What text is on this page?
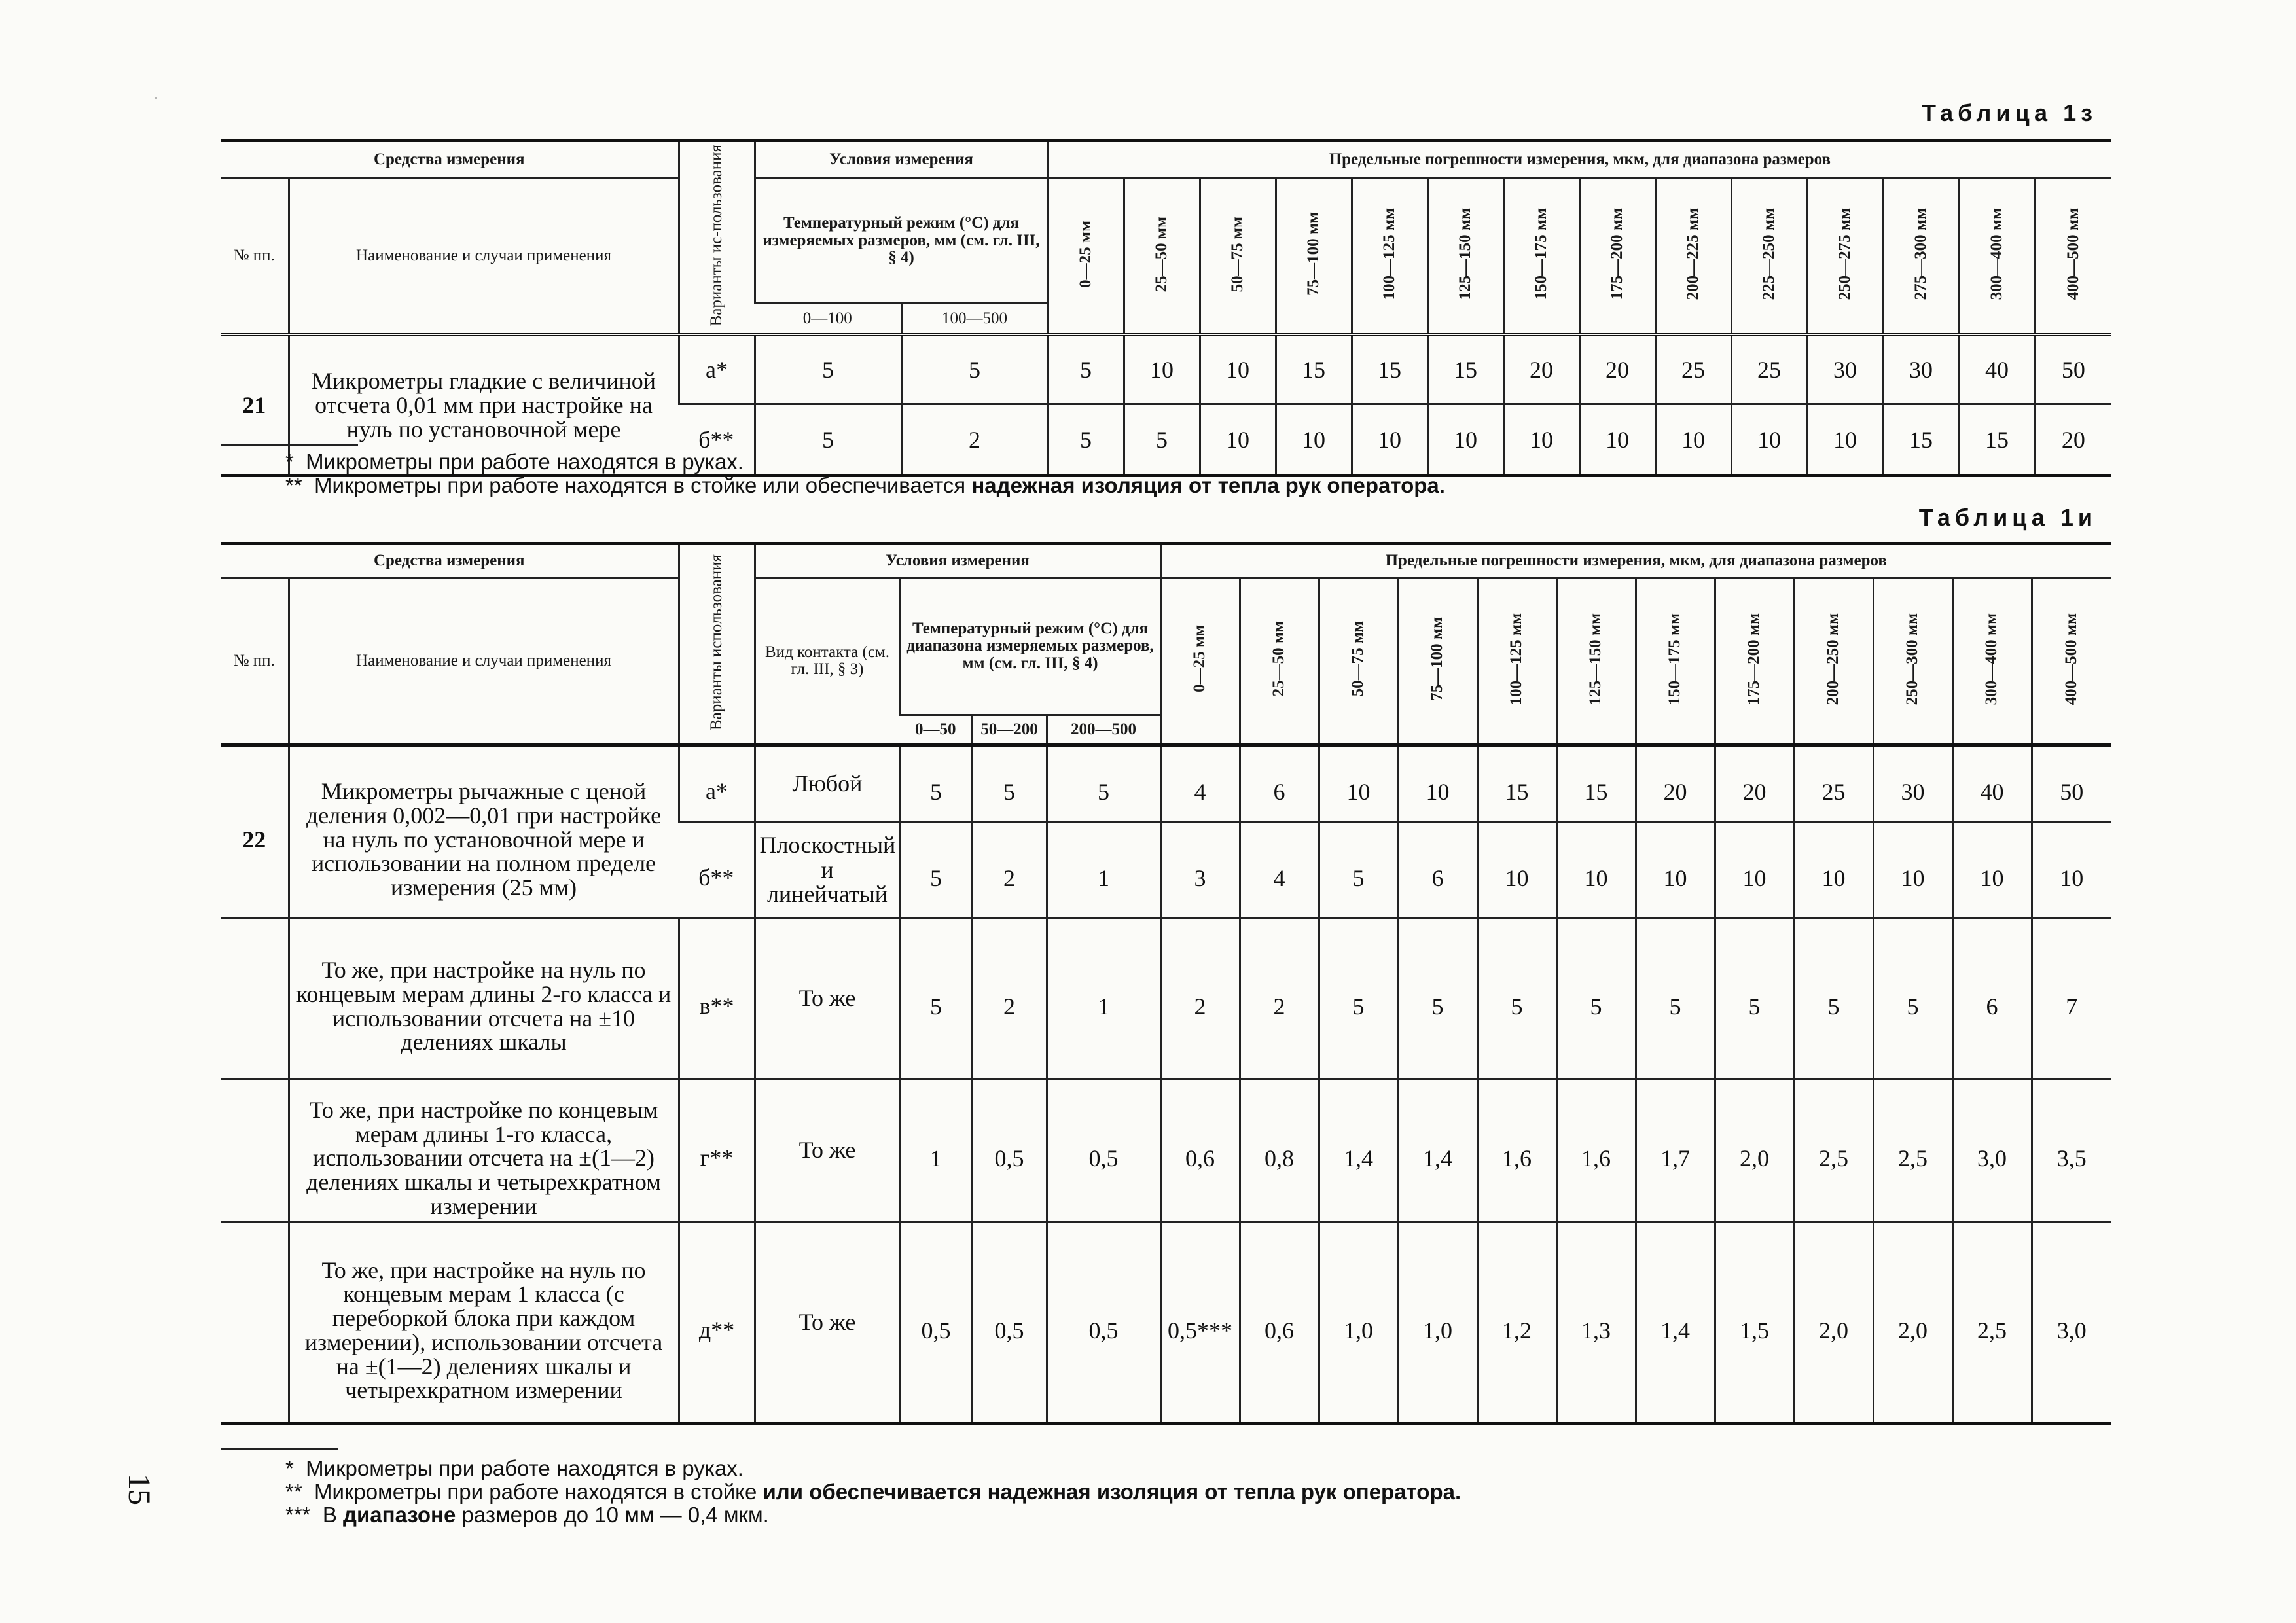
Таблица 1з
Средства измерения		Варианты ис-пользования	Условия измерения		Предельные погрешности измерения, мкм, для диапазона размеров													
№ пп.	Наименование и случаи применения		Температурный режим (°С) для измеряемых размеров, мм (см. гл. III, § 4)		0—25 мм	25—50 мм	50—75 мм	75—100 мм	100—125 мм	125—150 мм	150—175 мм	175—200 мм	200—225 мм	225—250 мм	250—275 мм	275—300 мм	300—400 мм	400—500 мм
			0—100	100—500														
21	Микрометры гладкие с величиной отсчета 0,01 мм при настройке на нуль по установочной мере	а*	5	5	5	10	10	15	15	15	20	20	25	25	30	30	40	50
		б**	5	2	5	5	10	10	10	10	10	10	10	10	10	15	15	20
*  Микрометры при работе находятся в руках.
**  Микрометры при работе находятся в стойке или обеспечивается надежная изоляция от тепла рук оператора.
Таблица 1и
Средства измерения		Варианты использования	Условия измерения				Предельные погрешности измерения, мкм, для диапазона размеров											
№ пп.	Наименование и случаи применения		Вид контакта (см. гл. III, § 3)	Температурный режим (°С) для диапазона измеряемых размеров, мм (см. гл. III, § 4)			0—25 мм	25—50 мм	50—75 мм	75—100 мм	100—125 мм	125—150 мм	150—175 мм	175—200 мм	200—250 мм	250—300 мм	300—400 мм	400—500 мм
				0—50	50—200	200—500												
22	Микрометры рычажные с ценой деления 0,002—0,01 при настройке на нуль по установочной мере и использовании на полном пределе измерения (25 мм)	а*	Любой	5	5	5	4	6	10	10	15	15	20	20	25	30	40	50
		б**	Плоскостный и линейчатый	5	2	1	3	4	5	6	10	10	10	10	10	10	10	10
	То же, при настройке на нуль по концевым мерам длины 2-го класса и использовании отсчета на ±10 делениях шкалы	в**	То же	5	2	1	2	2	5	5	5	5	5	5	5	5	6	7
	То же, при настройке по концевым мерам длины 1-го класса, использовании отсчета на ±(1—2) делениях шкалы и четырехкратном измерении	г**	То же	1	0,5	0,5	0,6	0,8	1,4	1,4	1,6	1,6	1,7	2,0	2,5	2,5	3,0	3,5
	То же, при настройке на нуль по концевым мерам 1 класса (с переборкой блока при каждом измерении), использовании отсчета на ±(1—2) делениях шкалы и четырехкратном измерении	д**	То же	0,5	0,5	0,5	0,5***	0,6	1,0	1,0	1,2	1,3	1,4	1,5	2,0	2,0	2,5	3,0
*  Микрометры при работе находятся в руках.
**  Микрометры при работе находятся в стойке или обеспечивается надежная изоляция от тепла рук оператора.
***  В диапазоне размеров до 10 мм — 0,4 мкм.
15
